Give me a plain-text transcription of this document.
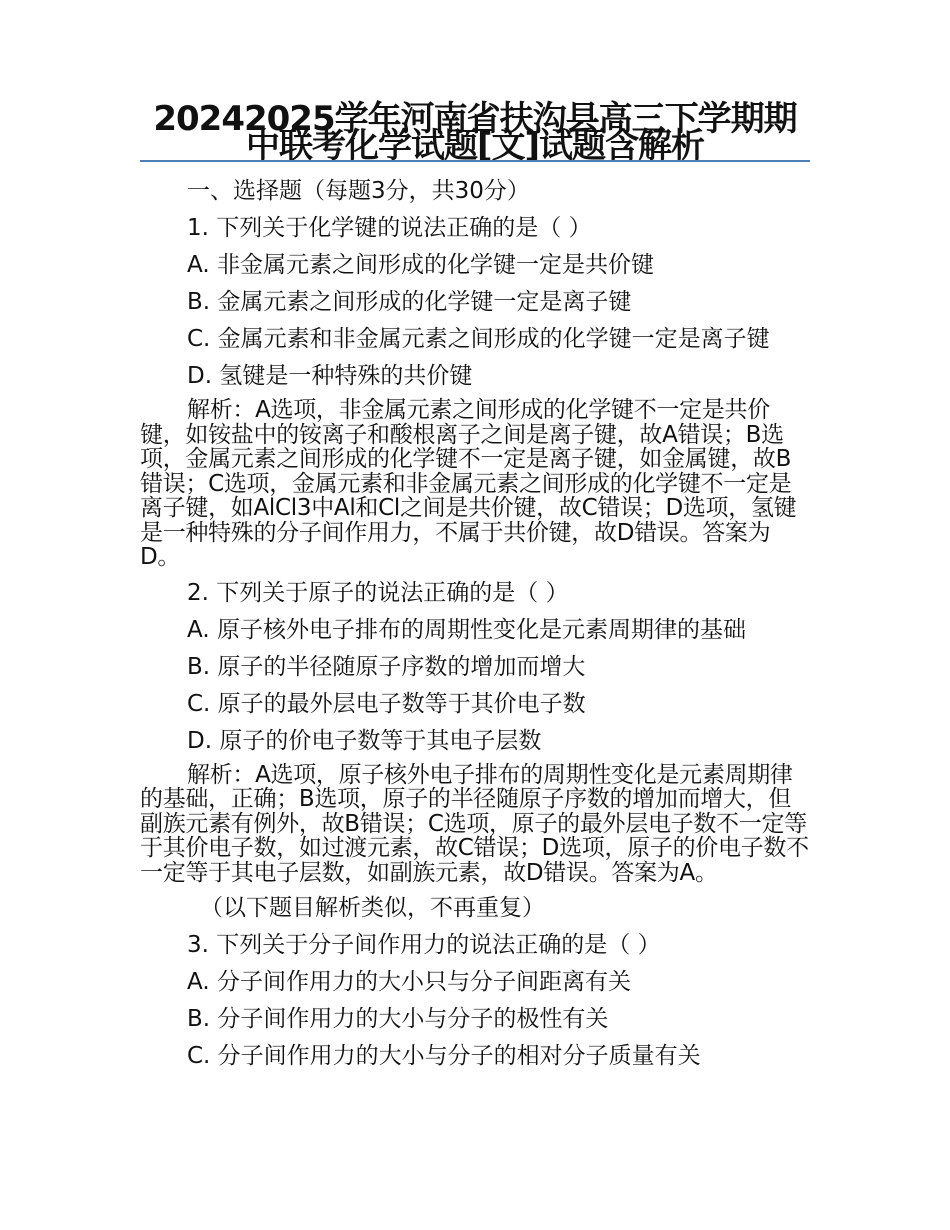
20242025学年河南省扶沟县高三下学期期中联考化学试题[文]试题含解析

一、选择题（每题3分，共30分）

1. 下列关于化学键的说法正确的是（ ）

A. 非金属元素之间形成的化学键一定是共价键

B. 金属元素之间形成的化学键一定是离子键

C. 金属元素和非金属元素之间形成的化学键一定是离子键

D. 氢键是一种特殊的共价键

解析：A选项，非金属元素之间形成的化学键不一定是共价键，如铵盐中的铵离子和酸根离子之间是离子键，故A错误；B选项，金属元素之间形成的化学键不一定是离子键，如金属键，故B错误；C选项，金属元素和非金属元素之间形成的化学键不一定是离子键，如AlCl3中Al和Cl之间是共价键，故C错误；D选项，氢键是一种特殊的分子间作用力，不属于共价键，故D错误。答案为D。

2. 下列关于原子的说法正确的是（ ）

A. 原子核外电子排布的周期性变化是元素周期律的基础

B. 原子的半径随原子序数的增加而增大

C. 原子的最外层电子数等于其价电子数

D. 原子的价电子数等于其电子层数

解析：A选项，原子核外电子排布的周期性变化是元素周期律的基础，正确；B选项，原子的半径随原子序数的增加而增大，但副族元素有例外，故B错误；C选项，原子的最外层电子数不一定等于其价电子数，如过渡元素，故C错误；D选项，原子的价电子数不一定等于其电子层数，如副族元素，故D错误。答案为A。

（以下题目解析类似，不再重复）

3. 下列关于分子间作用力的说法正确的是（ ）

A. 分子间作用力的大小只与分子间距离有关

B. 分子间作用力的大小与分子的极性有关

C. 分子间作用力的大小与分子的相对分子质量有关
